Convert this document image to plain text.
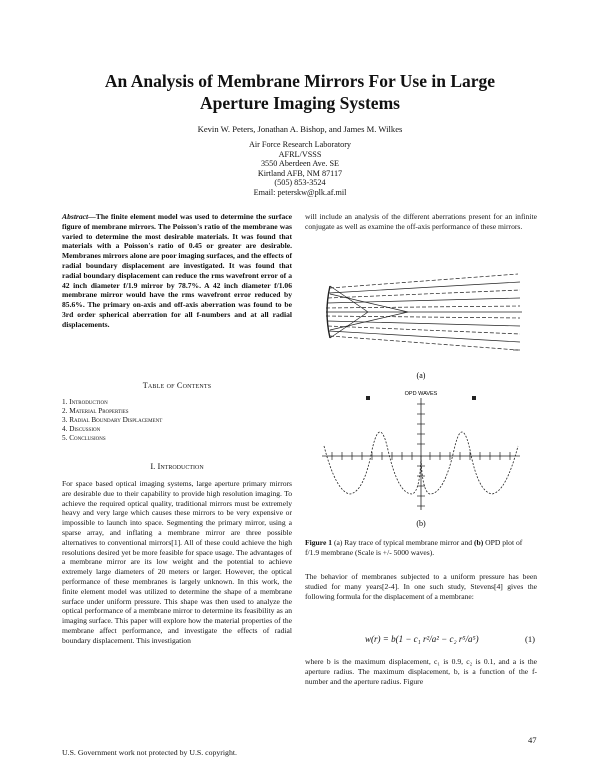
An Analysis of Membrane Mirrors For Use in Large
Aperture Imaging Systems
Kevin W. Peters, Jonathan A. Bishop, and James M. Wilkes
Air Force Research Laboratory
AFRL/VSSS
3550 Aberdeen Ave. SE
Kirtland AFB, NM 87117
(505) 853-3524
Email: peterskw@plk.af.mil
Abstract—The finite element model was used to determine the surface figure of membrane mirrors. The Poisson's ratio of the membrane was varied to determine the most desirable materials. It was found that materials with a Poisson's ratio of 0.45 or greater are desirable. Membranes mirrors alone are poor imaging surfaces, and the effects of radial boundary displacement are investigated. It was found that radial boundary displacement can reduce the rms wavefront error of a 42 inch diameter f/1.9 mirror by 78.7%. A 42 inch diameter f/1.06 membrane mirror would have the rms wavefront error reduced by 85.6%. The primary on-axis and off-axis aberration was found to be 3rd order spherical aberration for all f-numbers and at all radial displacements.
Table of Contents
1. Introduction
2. Material Properties
3. Radial Boundary Displacement
4. Discussion
5. Conclusions
I. Introduction
For space based optical imaging systems, large aperture primary mirrors are desirable due to their capability to provide high resolution imaging. To achieve the required optical quality, traditional mirrors must be extremely heavy and very large which causes these mirrors to be very expensive or impossible to launch into space. Segmenting the primary mirror, using a sparse array, and inflating a membrane mirror are three possible alternatives to conventional mirrors[1]. All of these could achieve the high resolutions desired yet be more feasible for space usage. The advantages of a membrane mirror are its low weight and the potential to achieve extremely large diameters of 20 meters or larger. However, the optical performance of these membranes is largely unknown. In this work, the finite element model was utilized to determine the shape of a membrane surface under uniform pressure. This shape was then used to analyze the optical performance of a membrane mirror to determine its feasibility as an imaging surface. This paper will explore how the material properties of the membrane affect performance, and investigate the effects of radial boundary displacement. This investigation
will include an analysis of the different aberrations present for an infinite conjugate as well as examine the off-axis performance of these mirrors.
(a)
OPD WAVES
(b)
Figure 1 (a) Ray trace of typical membrane mirror and (b) OPD plot of f/1.9 membrane (Scale is +/- 5000 waves).
The behavior of membranes subjected to a uniform pressure has been studied for many years[2-4]. In one such study, Stevens[4] gives the following formula for the displacement of a membrane:
w(r) = b(1 − c₁ r²/a² − c₂ r⁵/a⁵)	(1)
where b is the maximum displacement, c₁ is 0.9, c₂ is 0.1, and a is the aperture radius. The maximum displacement, b, is a function of the f-number and the aperture radius. Figure
U.S. Government work not protected by U.S. copyright.
47
